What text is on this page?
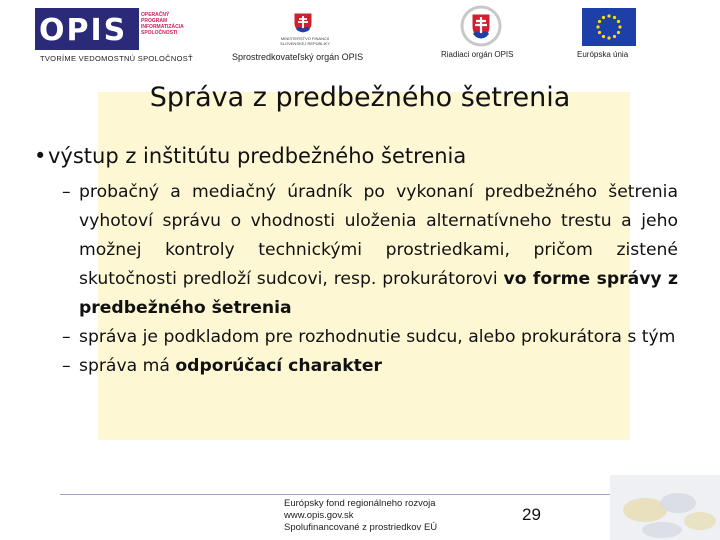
OPIS	OPERAČNÝ
PROGRAM
INFORMATIZÁCIA
SPOLOČNOSTI
TVORÍME VEDOMOSTNÚ SPOLOČNOSŤ
MINISTERSTVO FINANCIÍ
SLOVENSKEJ REPUBLIKY
Sprostredkovateľský orgán OPIS	Riadiaci orgán OPIS	Európska únia
Správa z predbežného šetrenia
•výstup z inštitútu predbežného šetrenia

– probačný a mediačný úradník po vykonaní predbežného šetrenia vyhotoví správu o vhodnosti uloženia alternatívneho trestu a jeho možnej kontroly technickými prostriedkami, pričom zistené skutočnosti predloží sudcovi, resp. prokurátorovi vo forme správy z predbežného šetrenia

– správa je podkladom pre rozhodnutie sudcu, alebo prokurátora s tým

– správa má odporúčací charakter

Európsky fond regionálneho rozvoja
www.opis.gov.sk
Spolufinancované z prostriedkov EÚ
29
